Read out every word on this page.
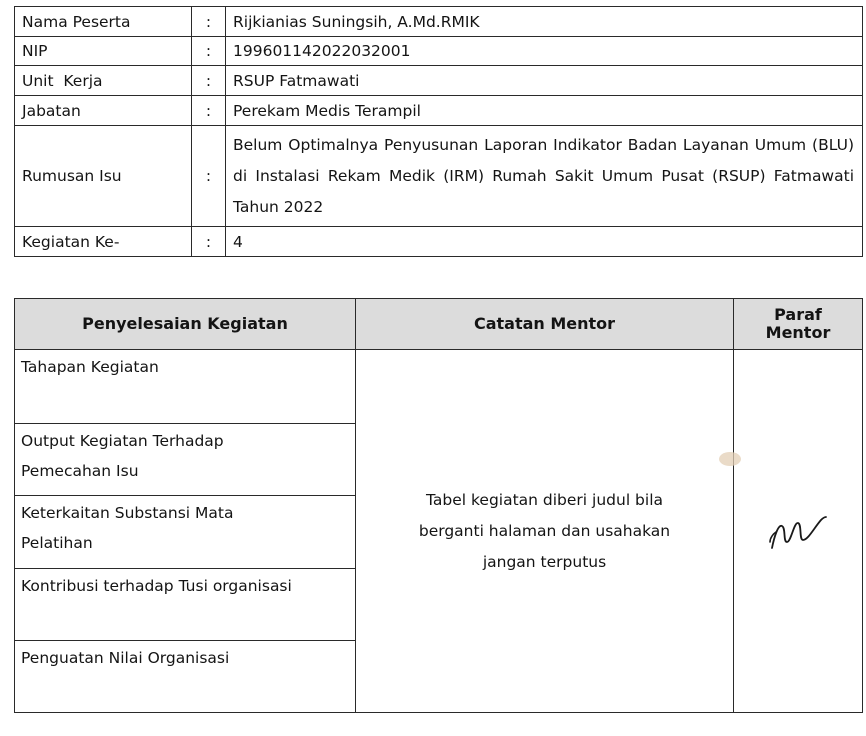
Nama Peserta	:	Rijkianias Suningsih, A.Md.RMIK
NIP	:	199601142022032001
Unit  Kerja	:	RSUP Fatmawati
Jabatan	:	Perekam Medis Terampil
Rumusan Isu	:	Belum Optimalnya Penyusunan Laporan Indikator Badan Layanan Umum (BLU) di Instalasi Rekam Medik (IRM) Rumah Sakit Umum Pusat (RSUP) Fatmawati Tahun 2022
Kegiatan Ke-	:	4
Penyelesaian Kegiatan	Catatan Mentor	Paraf
Mentor
Tahapan Kegiatan	Tabel kegiatan diberi judul bila berganti halaman dan usahakan jangan terputus	

Output Kegiatan Terhadap Pemecahan Isu		
Keterkaitan Substansi Mata Pelatihan		
Kontribusi terhadap Tusi organisasi		
Penguatan Nilai Organisasi		
